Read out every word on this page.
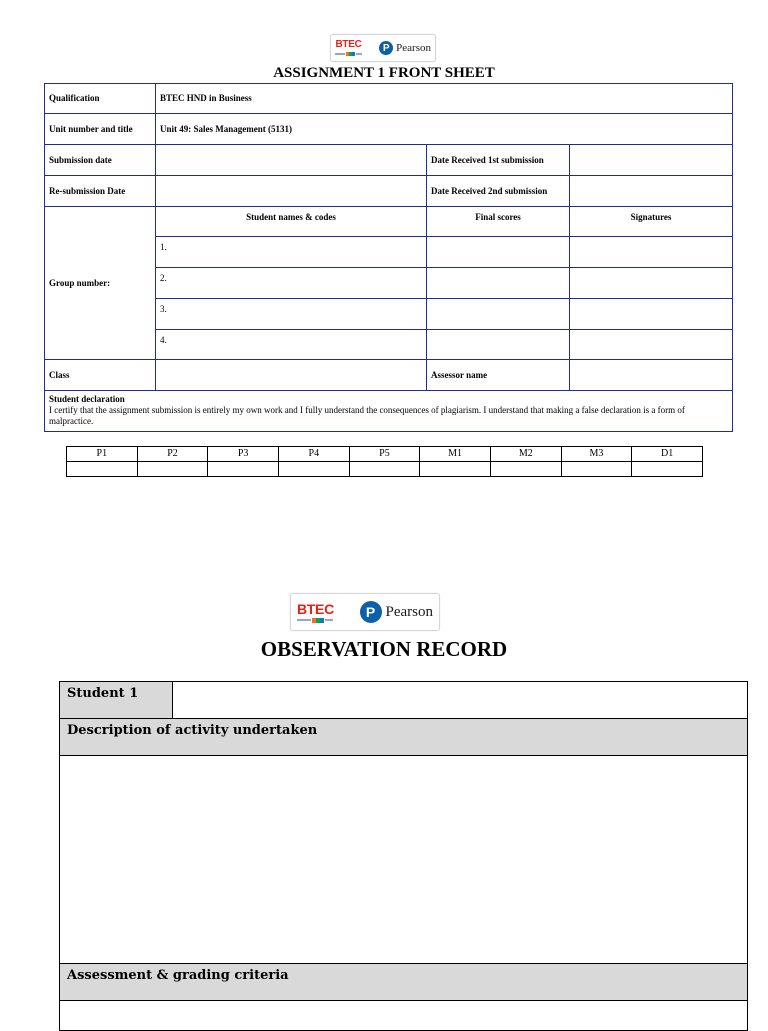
BTEC	P Pearson
ASSIGNMENT 1 FRONT SHEET
Qualification	BTEC HND in Business		
Unit number and title	Unit 49: Sales Management (5131)		
Submission date		Date Received 1st submission	
Re-submission Date		Date Received 2nd submission	
Group number:	Student names & codes	Final scores	Signatures
	1.		
	2.		
	3.		
	4.		
Class		Assessor name	

Student declaration
I certify that the assignment submission is entirely my own work and I fully understand the consequences of plagiarism. I understand that making a false declaration is a form of malpractice.			
P1	P2	P3	P4	P5	M1	M2	M3	D1

BTEC	P Pearson
OBSERVATION RECORD
Student 1	
Description of activity undertaken

Assessment & grading criteria
